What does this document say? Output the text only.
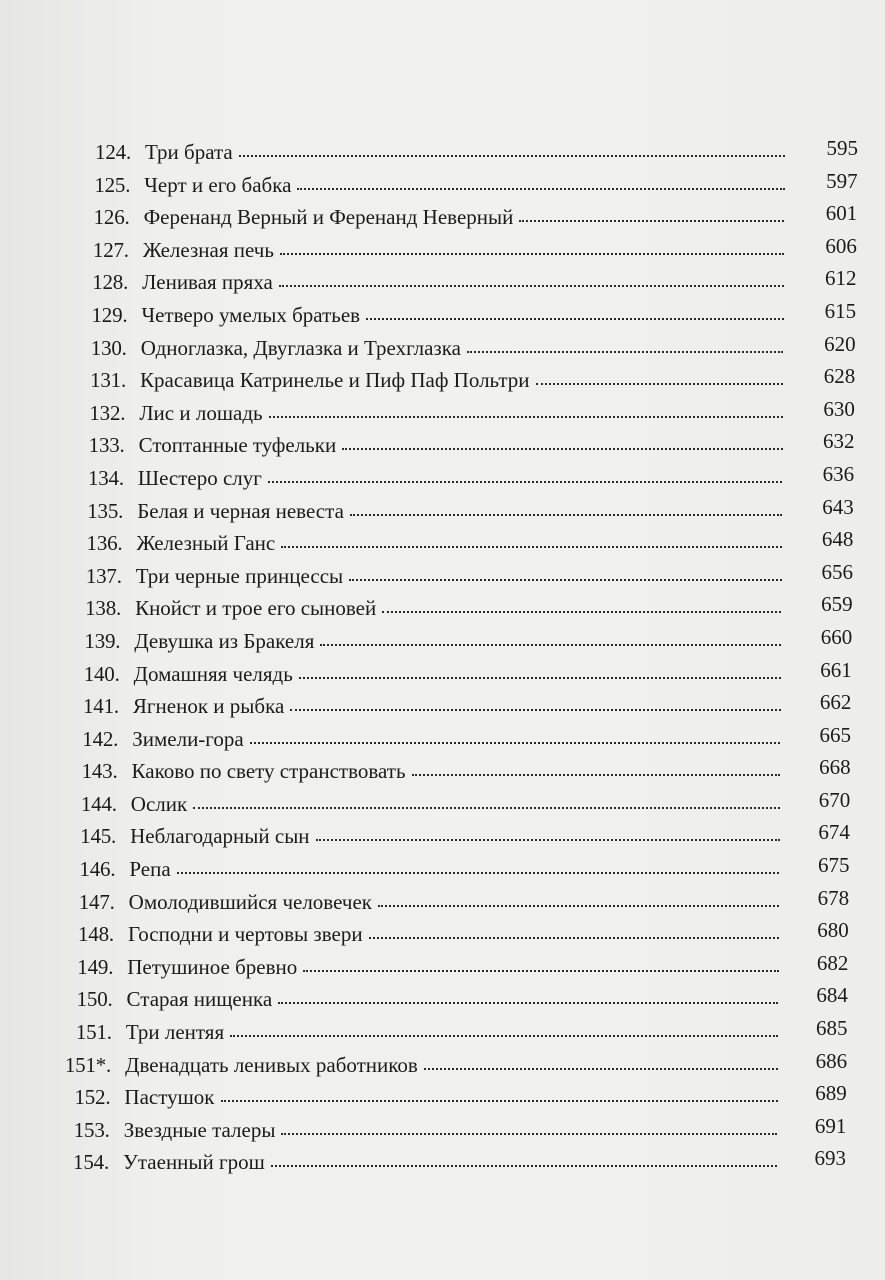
124. Три брата	595
125. Черт и его бабка	597
126. Ференанд Верный и Ференанд Неверный	601
127. Железная печь	606
128. Ленивая пряха	612
129. Четверо умелых братьев	615
130. Одноглазка, Двуглазка и Трехглазка	620
131. Красавица Катринелье и Пиф Паф Польтри	628
132. Лис и лошадь	630
133. Стоптанные туфельки	632
134. Шестеро слуг	636
135. Белая и черная невеста	643
136. Железный Ганс	648
137. Три черные принцессы	656
138. Кнойст и трое его сыновей	659
139. Девушка из Бракеля	660
140. Домашняя челядь	661
141. Ягненок и рыбка	662
142. Зимели-гора	665
143. Каково по свету странствовать	668
144. Ослик	670
145. Неблагодарный сын	674
146. Репа	675
147. Омолодившийся человечек	678
148. Господни и чертовы звери	680
149. Петушиное бревно	682
150. Старая нищенка	684
151. Три лентяя	685
151*. Двенадцать ленивых работников	686
152. Пастушок	689
153. Звездные талеры	691
154. Утаенный грош	693
